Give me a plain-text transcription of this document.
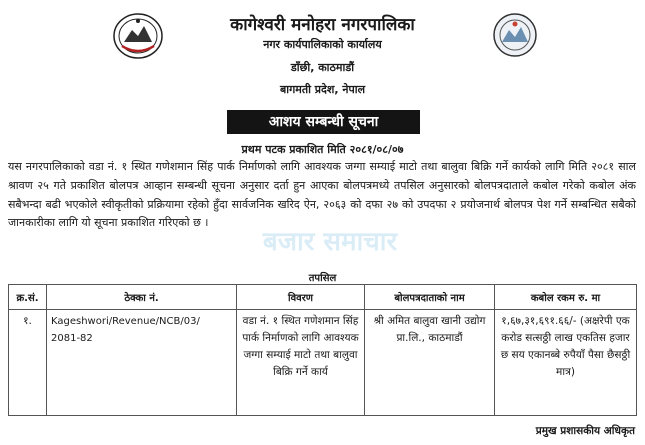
कागेश्वरी मनोहरा नगरपालिका
नगर कार्यपालिकाको कार्यालय
डाँछी, काठमाडौं
बागमती प्रदेश, नेपाल
आशय सम्बन्धी सूचना
प्रथम पटक प्रकाशित मिति २०८१/०८/०७
यस नगरपालिकाको वडा नं. १ स्थित गणेशमान सिंह पार्क निर्माणको लागि आवश्यक जग्गा सम्याई माटो तथा बालुवा बिक्रि गर्ने कार्यको लागि मिति २०८१ साल श्रावण २५ गते प्रकाशित बोलपत्र आव्हान सम्बन्धी सूचना अनुसार दर्ता हुन आएका बोलपत्रमध्ये तपसिल अनुसारको बोलपत्रदाताले कबोल गरेको कबोल अंक सबैभन्दा बढी भएकोले स्वीकृतीको प्रक्रियामा रहेको हुँदा सार्वजनिक खरिद ऐन, २०६३ को दफा २७ को उपदफा २ प्रयोजनार्थ बोलपत्र पेश गर्ने सम्बन्धित सबैको जानकारीका लागि यो सूचना प्रकाशित गरिएको छ ।
बजार समाचार
तपसिल
क्र.सं.	ठेक्का नं.	विवरण	बोलपत्रदाताको नाम	कबोल रकम रु. मा
१.	Kageshwori/Revenue/NCB/03/ 2081-82	वडा नं. १ स्थित गणेशमान सिंह पार्क निर्माणको लागि आवश्यक जग्गा सम्याई माटो तथा बालुवा बिक्रि गर्ने कार्य	श्री अमित बालुवा खानी उद्योग प्रा.लि., काठमाडौं	१,६७,३१,६९१.६६/- (अक्षरेपी एक करोड सत्सठ्ठी लाख एकतिस हजार छ सय एकानब्बे रुपैयाँ पैसा छैसठ्ठी मात्र)
प्रमुख प्रशासकीय अधिकृत
